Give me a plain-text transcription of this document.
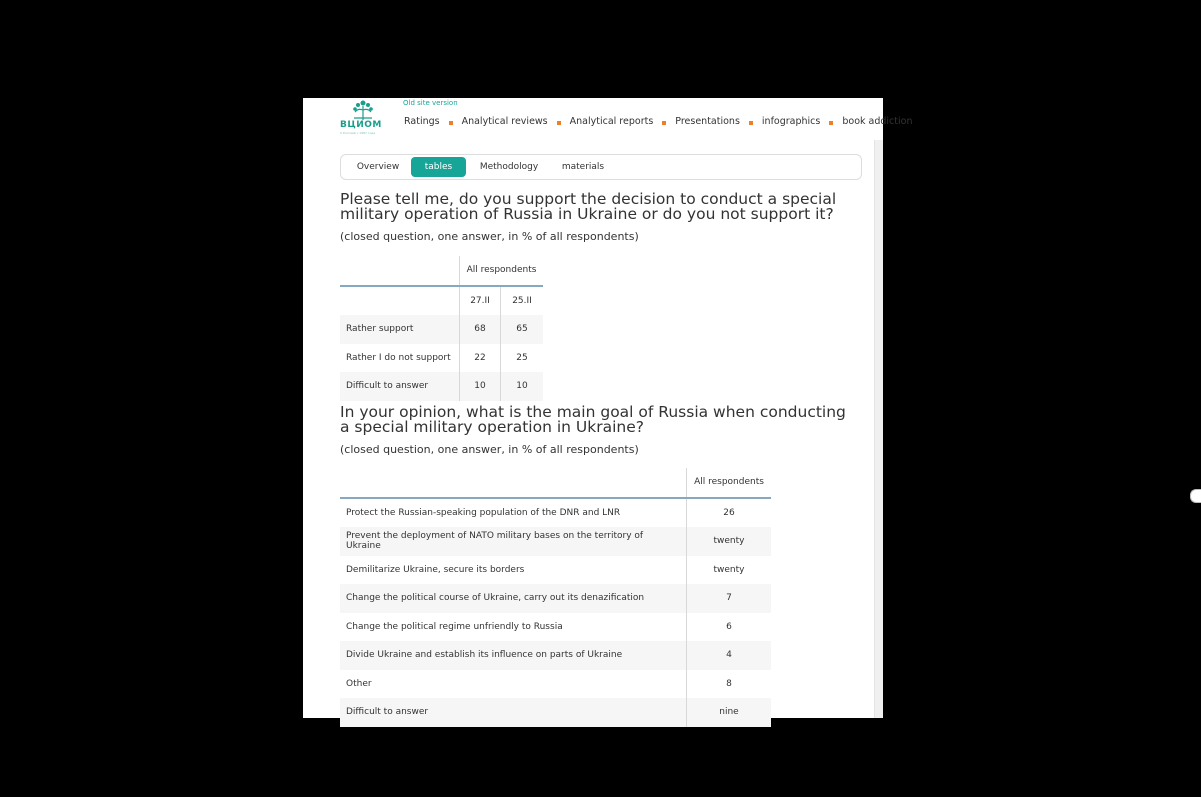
ВЦИОМ
С Россией с 1987 года
Old site version
Ratings Analytical reviews Analytical reports Presentations infographics book addiction
Overview	tables	Methodology	materials
Please tell me, do you support the decision to conduct a special military operation of Russia in Ukraine or do you not support it?
(closed question, one answer, in % of all respondents)
	All respondents	
	27.II	25.II
Rather support	68	65
Rather I do not support	22	25
Difficult to answer	10	10
In your opinion, what is the main goal of Russia when conducting a special military operation in Ukraine?
(closed question, one answer, in % of all respondents)
	All respondents
Protect the Russian-speaking population of the DNR and LNR	26
Prevent the deployment of NATO military bases on the territory of Ukraine	twenty
Demilitarize Ukraine, secure its borders	twenty
Change the political course of Ukraine, carry out its denazification	7
Change the political regime unfriendly to Russia	6
Divide Ukraine and establish its influence on parts of Ukraine	4
Other	8
Difficult to answer	nine
